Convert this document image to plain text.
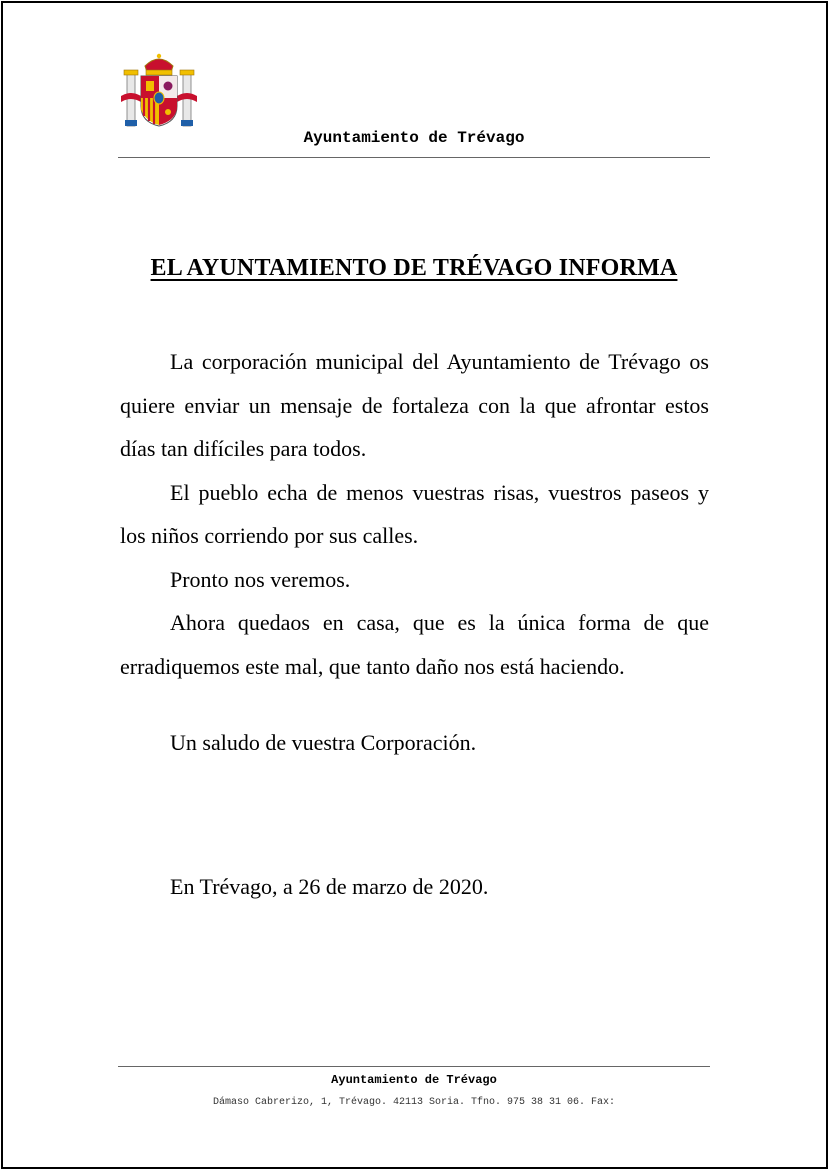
Ayuntamiento de Trévago
EL AYUNTAMIENTO DE TRÉVAGO INFORMA

La corporación municipal del Ayuntamiento de Trévago os quiere enviar un mensaje de fortaleza con la que afrontar estos días tan difíciles para todos.

El pueblo echa de menos vuestras risas, vuestros paseos y los niños corriendo por sus calles.

Pronto nos veremos.

Ahora quedaos en casa, que es la única forma de que erradiquemos este mal, que tanto daño nos está haciendo.

Un saludo de vuestra Corporación.
En Trévago, a 26 de marzo de 2020.
Ayuntamiento de Trévago
Dámaso Cabrerizo, 1, Trévago. 42113 Soria. Tfno. 975 38 31 06. Fax:
